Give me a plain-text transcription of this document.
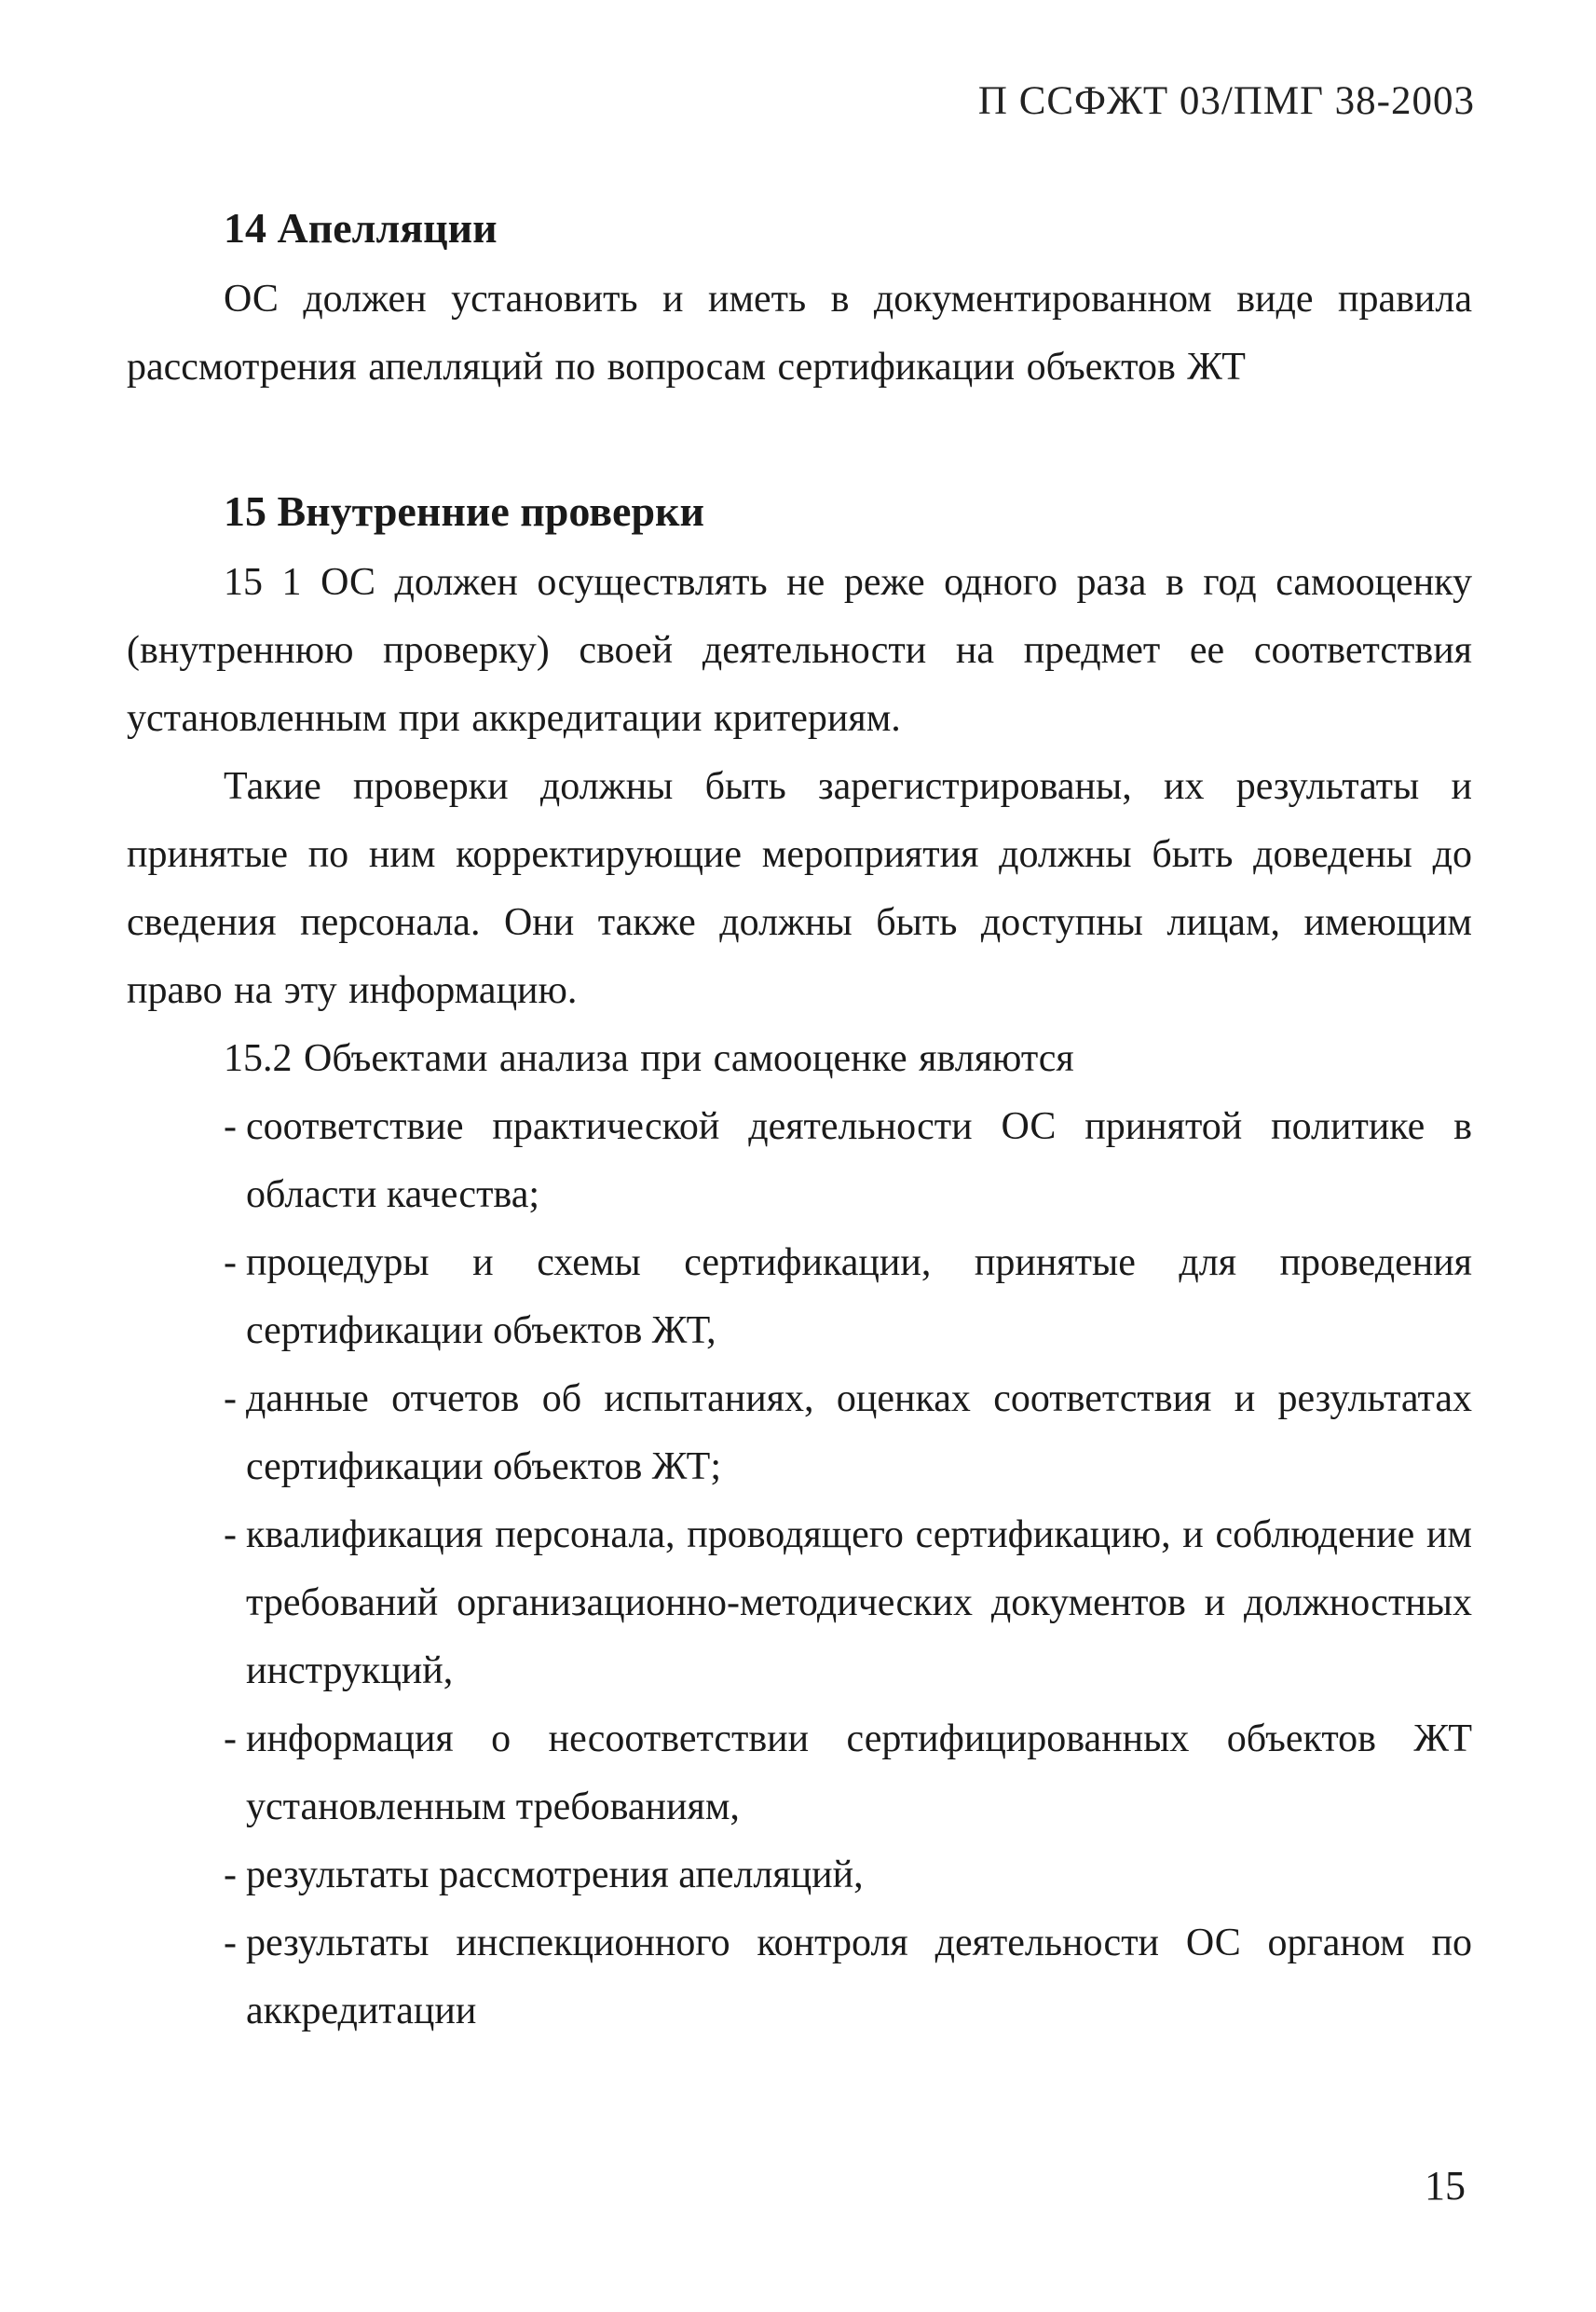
П ССФЖТ 03/ПМГ 38-2003
14 Апелляции

ОС должен установить и иметь в документированном виде правила рассмотрения апелляций по вопросам сертификации объектов ЖТ

15 Внутренние проверки

15 1 ОС должен осуществлять не реже одного раза в год самооценку (внутреннюю проверку) своей деятельности на предмет ее соответствия установленным при аккредитации критериям.

Такие проверки должны быть зарегистрированы, их результаты и принятые по ним корректирующие мероприятия должны быть доведены до сведения персонала. Они также должны быть доступны лицам, имеющим право на эту информацию.

15.2 Объектами анализа при самооценке являются

- соответствие практической деятельности ОС принятой политике в области качества;
- процедуры и схемы сертификации, принятые для проведения сертификации объектов ЖТ,
- данные отчетов об испытаниях, оценках соответствия и результатах сертификации объектов ЖТ;
- квалификация персонала, проводящего сертификацию, и соблюдение им требований организационно-методических документов и должностных инструкций,
- информация о несоответствии сертифицированных объектов ЖТ установленным требованиям,
- результаты рассмотрения апелляций,
- результаты инспекционного контроля деятельности ОС органом по аккредитации
15
